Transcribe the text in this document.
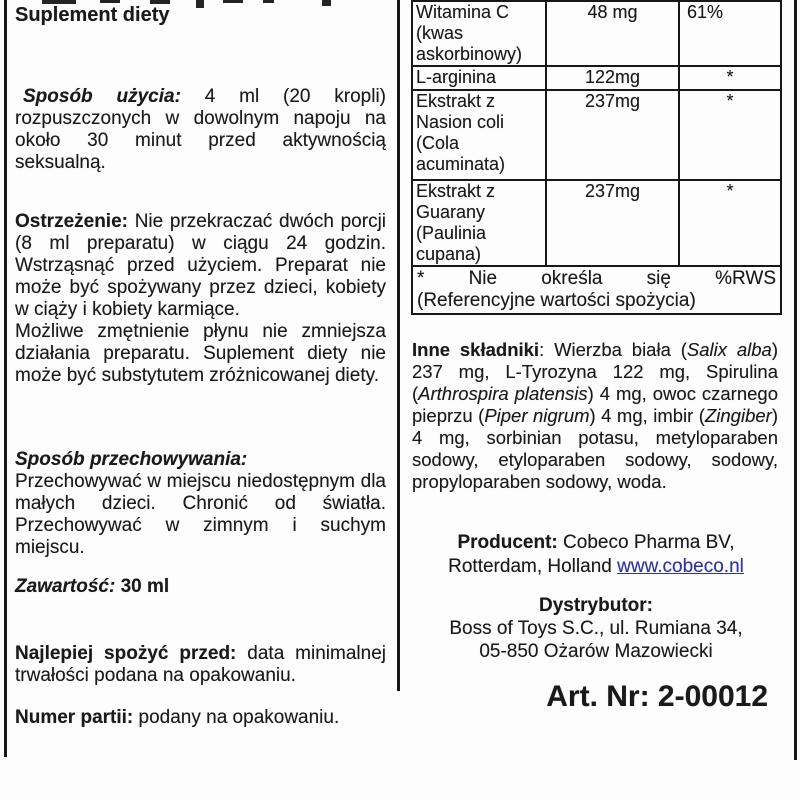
Suplement diety

Sposób użycia: 4 ml (20 kropli) rozpuszczonych w dowolnym napoju na około 30 minut przed aktywnością seksualną.

Ostrzeżenie: Nie przekraczać dwóch porcji (8 ml preparatu) w ciągu 24 godzin. Wstrząsnąć przed użyciem. Preparat nie może być spożywany przez dzieci, kobiety w ciąży i kobiety karmiące.
Możliwe zmętnienie płynu nie zmniejsza działania preparatu. Suplement diety nie może być substytutem zróżnicowanej diety.
Sposób przechowywania:
Przechowywać w miejscu niedostępnym dla małych dzieci. Chronić od światła. Przechowywać w zimnym i suchym miejscu.

Zawartość: 30 ml

Najlepiej spożyć przed: data minimalnej trwałości podana na opakowaniu.

Numer partii: podany na opakowaniu.

Witamina C (kwas askorbinowy)	48 mg	61%
L-arginina	122mg	*
Ekstrakt z Nasion coli (Cola acuminata)	237mg	*
Ekstrakt z Guarany (Paulinia cupana)	237mg	*

* Nie określa się %RWS
(Referencyjne wartości spożycia)		

Inne składniki: Wierzba biała (Salix alba) 237 mg, L-Tyrozyna 122 mg, Spirulina (Arthrospira platensis) 4 mg, owoc czarnego pieprzu (Piper nigrum) 4 mg, imbir (Zingiber) 4 mg, sorbinian potasu, metyloparaben sodowy, etyloparaben sodowy, sodowy, propyloparaben sodowy, woda.

Producent: Cobeco Pharma BV,
Rotterdam, Holland www.cobeco.nl
Dystrybutor:
Boss of Toys S.C., ul. Rumiana 34,
05-850 Ożarów Mazowiecki

Art. Nr: 2-00012
